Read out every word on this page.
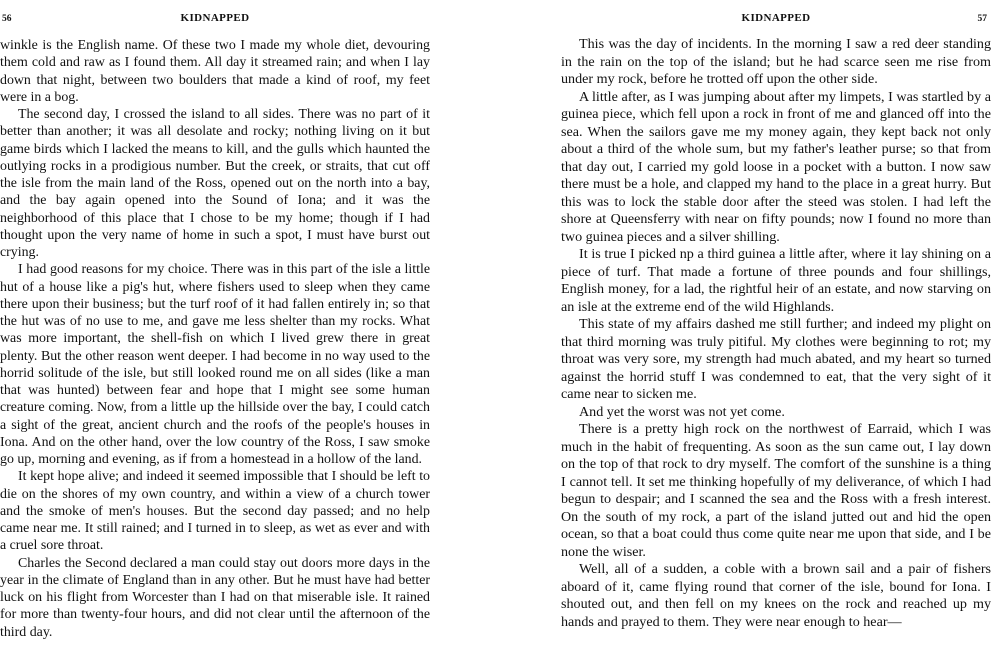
56	KIDNAPPED

winkle is the English name. Of these two I made my whole diet, devouring them cold and raw as I found them. All day it streamed rain; and when I lay down that night, between two boulders that made a kind of roof, my feet were in a bog.

The second day, I crossed the island to all sides. There was no part of it better than another; it was all desolate and rocky; nothing living on it but game birds which I lacked the means to kill, and the gulls which haunted the outlying rocks in a prodigious number. But the creek, or straits, that cut off the isle from the main land of the Ross, opened out on the north into a bay, and the bay again opened into the Sound of Iona; and it was the neighborhood of this place that I chose to be my home; though if I had thought upon the very name of home in such a spot, I must have burst out crying.

I had good reasons for my choice. There was in this part of the isle a little hut of a house like a pig's hut, where fishers used to sleep when they came there upon their business; but the turf roof of it had fallen entirely in; so that the hut was of no use to me, and gave me less shelter than my rocks. What was more important, the shell-fish on which I lived grew there in great plenty. But the other reason went deeper. I had become in no way used to the horrid solitude of the isle, but still looked round me on all sides (like a man that was hunted) between fear and hope that I might see some human creature coming. Now, from a little up the hillside over the bay, I could catch a sight of the great, ancient church and the roofs of the people's houses in Iona. And on the other hand, over the low country of the Ross, I saw smoke go up, morning and evening, as if from a homestead in a hollow of the land.

It kept hope alive; and indeed it seemed impossible that I should be left to die on the shores of my own country, and within a view of a church tower and the smoke of men's houses. But the second day passed; and no help came near me. It still rained; and I turned in to sleep, as wet as ever and with a cruel sore throat.

Charles the Second declared a man could stay out doors more days in the year in the climate of England than in any other. But he must have had better luck on his flight from Worcester than I had on that miserable isle. It rained for more than twenty-four hours, and did not clear until the afternoon of the third day.

KIDNAPPED	57

This was the day of incidents. In the morning I saw a red deer standing in the rain on the top of the island; but he had scarce seen me rise from under my rock, before he trotted off upon the other side.

A little after, as I was jumping about after my limpets, I was startled by a guinea piece, which fell upon a rock in front of me and glanced off into the sea. When the sailors gave me my money again, they kept back not only about a third of the whole sum, but my father's leather purse; so that from that day out, I carried my gold loose in a pocket with a button. I now saw there must be a hole, and clapped my hand to the place in a great hurry. But this was to lock the stable door after the steed was stolen. I had left the shore at Queensferry with near on fifty pounds; now I found no more than two guinea pieces and a silver shilling.

It is true I picked np a third guinea a little after, where it lay shining on a piece of turf. That made a fortune of three pounds and four shillings, English money, for a lad, the rightful heir of an estate, and now starving on an isle at the extreme end of the wild Highlands.

This state of my affairs dashed me still further; and indeed my plight on that third morning was truly pitiful. My clothes were beginning to rot; my throat was very sore, my strength had much abated, and my heart so turned against the horrid stuff I was condemned to eat, that the very sight of it came near to sicken me.

And yet the worst was not yet come.

There is a pretty high rock on the northwest of Earraid, which I was much in the habit of frequenting. As soon as the sun came out, I lay down on the top of that rock to dry myself. The comfort of the sunshine is a thing I cannot tell. It set me thinking hopefully of my deliverance, of which I had begun to despair; and I scanned the sea and the Ross with a fresh interest. On the south of my rock, a part of the island jutted out and hid the open ocean, so that a boat could thus come quite near me upon that side, and I be none the wiser.

Well, all of a sudden, a coble with a brown sail and a pair of fishers aboard of it, came flying round that corner of the isle, bound for Iona. I shouted out, and then fell on my knees on the rock and reached up my hands and prayed to them. They were near enough to hear—
